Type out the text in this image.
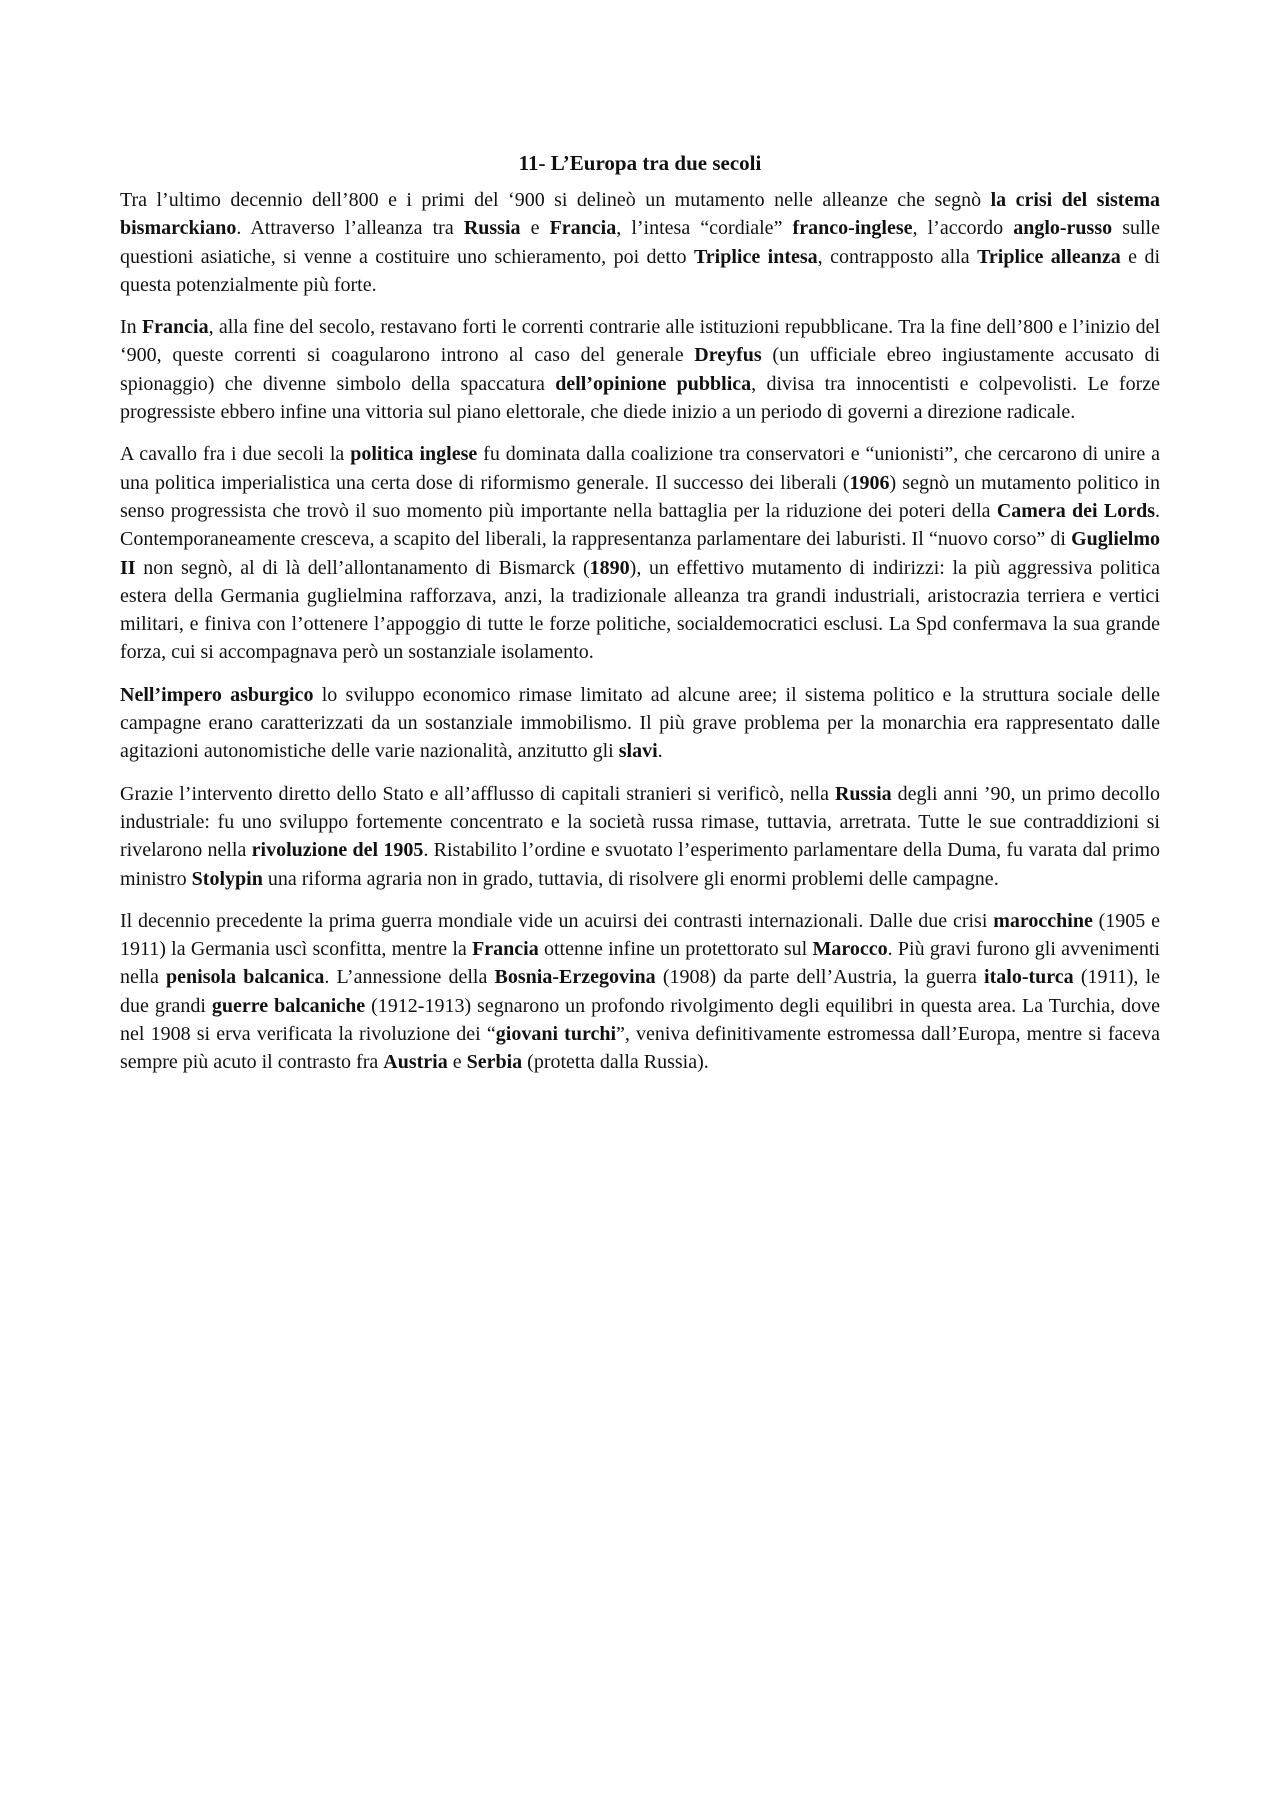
11- L’Europa tra due secoli

Tra l’ultimo decennio dell’800 e i primi del ‘900 si delineò un mutamento nelle alleanze che segnò la crisi del sistema bismarckiano. Attraverso l’alleanza tra Russia e Francia, l’intesa “cordiale” franco-inglese, l’accordo anglo-russo sulle questioni asiatiche, si venne a costituire uno schieramento, poi detto Triplice intesa, contrapposto alla Triplice alleanza e di questa potenzialmente più forte.

In Francia, alla fine del secolo, restavano forti le correnti contrarie alle istituzioni repubblicane. Tra la fine dell’800 e l’inizio del ‘900, queste correnti si coagularono introno al caso del generale Dreyfus (un ufficiale ebreo ingiustamente accusato di spionaggio) che divenne simbolo della spaccatura dell’opinione pubblica, divisa tra innocentisti e colpevolisti. Le forze progressiste ebbero infine una vittoria sul piano elettorale, che diede inizio a un periodo di governi a direzione radicale.

A cavallo fra i due secoli la politica inglese fu dominata dalla coalizione tra conservatori e “unionisti”, che cercarono di unire a una politica imperialistica una certa dose di riformismo generale. Il successo dei liberali (1906) segnò un mutamento politico in senso progressista che trovò il suo momento più importante nella battaglia per la riduzione dei poteri della Camera dei Lords. Contemporaneamente cresceva, a scapito del liberali, la rappresentanza parlamentare dei laburisti. Il “nuovo corso” di Guglielmo II non segnò, al di là dell’allontanamento di Bismarck (1890), un effettivo mutamento di indirizzi: la più aggressiva politica estera della Germania guglielmina rafforzava, anzi, la tradizionale alleanza tra grandi industriali, aristocrazia terriera e vertici militari, e finiva con l’ottenere l’appoggio di tutte le forze politiche, socialdemocratici esclusi. La Spd confermava la sua grande forza, cui si accompagnava però un sostanziale isolamento.

Nell’impero asburgico lo sviluppo economico rimase limitato ad alcune aree; il sistema politico e la struttura sociale delle campagne erano caratterizzati da un sostanziale immobilismo. Il più grave problema per la monarchia era rappresentato dalle agitazioni autonomistiche delle varie nazionalità, anzitutto gli slavi.

Grazie l’intervento diretto dello Stato e all’afflusso di capitali stranieri si verificò, nella Russia degli anni ’90, un primo decollo industriale: fu uno sviluppo fortemente concentrato e la società russa rimase, tuttavia, arretrata. Tutte le sue contraddizioni si rivelarono nella rivoluzione del 1905. Ristabilito l’ordine e svuotato l’esperimento parlamentare della Duma, fu varata dal primo ministro Stolypin una riforma agraria non in grado, tuttavia, di risolvere gli enormi problemi delle campagne.

Il decennio precedente la prima guerra mondiale vide un acuirsi dei contrasti internazionali. Dalle due crisi marocchine (1905 e 1911) la Germania uscì sconfitta, mentre la Francia ottenne infine un protettorato sul Marocco. Più gravi furono gli avvenimenti nella penisola balcanica. L’annessione della Bosnia-Erzegovina (1908) da parte dell’Austria, la guerra italo-turca (1911), le due grandi guerre balcaniche (1912-1913) segnarono un profondo rivolgimento degli equilibri in questa area. La Turchia, dove nel 1908 si erva verificata la rivoluzione dei “giovani turchi”, veniva definitivamente estromessa dall’Europa, mentre si faceva sempre più acuto il contrasto fra Austria e Serbia (protetta dalla Russia).
